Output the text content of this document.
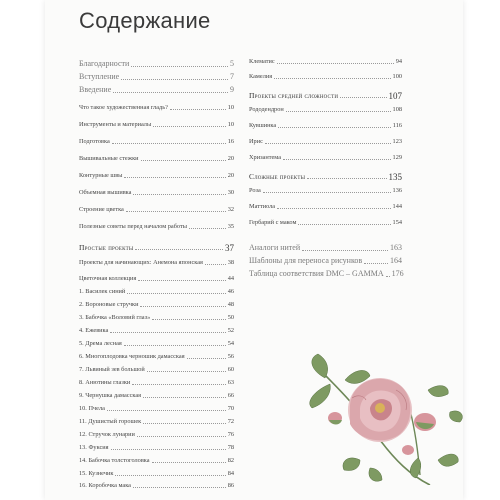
Содержание
Благодарности	5
Вступление	7
Введение	9
Что такое художественная гладь?	10
Инструменты и материалы	10
Подготовка	16
Вышивальные стежки	20
Контурные швы	20
Объемная вышивка	30
Строение цветка	32
Полезные советы перед началом работы	35
Простые проекты	37
Проекты для начинающих: Анемона японская	38
Цветочная коллекция	44
1. Василек синий	46
2. Вороновые стручки	48
3. Бабочка «Воловий глаз»	50
4. Ежевика	52
5. Дрема лесная	54
6. Многоплодовка черношик дамасская	56
7. Львиный зев большой	60
8. Анютины глазки	63
9. Чернушка дамасская	66
10. Пчела	70
11. Душистый горошек	72
12. Стручок лунарии	76
13. Фуксия	78
14. Бабочка толстоголовка	82
15. Кузнечик	84
16. Коробочка мака	86
Клематис	94
Камелия	100
Проекты средней сложности	107
Рододендрон	108
Кувшинка	116
Ирис	123
Хризантема	129
Сложные проекты	135
Роза	136
Маттиола	144
Гербарий с маком	154
Аналоги нитей	163
Шаблоны для переноса рисунков	164
Таблица соответствия DMC – GAMMA 176
